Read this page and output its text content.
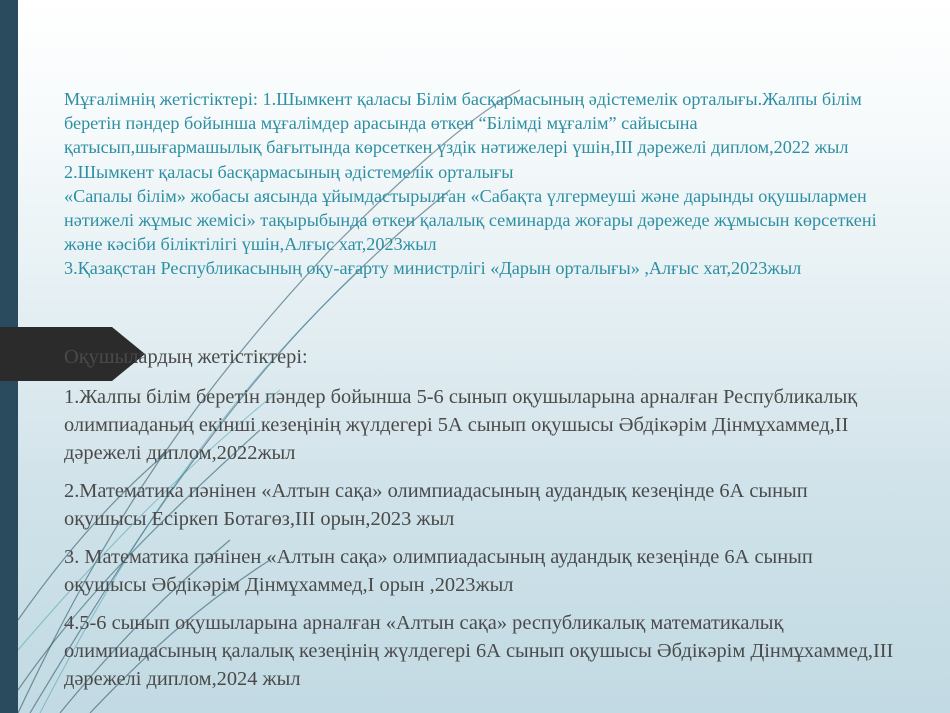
Мұғалімнің жетістіктері: 1.Шымкент қаласы Білім басқармасының әдістемелік орталығы.Жалпы білім беретін пәндер бойынша мұғалімдер арасында өткен “Білімді мұғалім” сайысына қатысып,шығармашылық бағытында көрсеткен үздік нәтижелері үшін,ІІІ дәрежелі диплом,2022 жыл

2.Шымкент қаласы басқармасының әдістемелік орталығы

«Сапалы білім» жобасы аясында ұйымдастырылған «Сабақта үлгермеуші және дарынды оқушылармен нәтижелі жұмыс жемісі» тақырыбында өткен қалалық семинарда жоғары дәрежеде жұмысын көрсеткені және кәсіби біліктілігі үшін,Алғыс хат,2023жыл

3.Қазақстан Республикасының оқу-ағарту министрлігі «Дарын орталығы» ,Алғыс хат,2023жыл

Оқушылардың жетістіктері:

1.Жалпы білім беретін пәндер бойынша 5-6 сынып оқушыларына арналған Республикалық олимпиаданың екінші кезеңінің жүлдегері 5А сынып оқушысы Әбдікәрім Дінмұхаммед,ІІ дәрежелі диплом,2022жыл

2.Математика пәнінен «Алтын сақа» олимпиадасының аудандық кезеңінде 6А сынып оқушысы Есіркеп Ботагөз,ІІІ орын,2023 жыл

3. Математика пәнінен «Алтын сақа» олимпиадасының аудандық кезеңінде 6А сынып оқушысы Әбдікәрім Дінмұхаммед,І орын ,2023жыл

4.5-6 сынып оқушыларына арналған «Алтын сақа» республикалық математикалық олимпиадасының қалалық кезеңінің жүлдегері 6А сынып оқушысы Әбдікәрім Дінмұхаммед,ІІІ дәрежелі диплом,2024 жыл
